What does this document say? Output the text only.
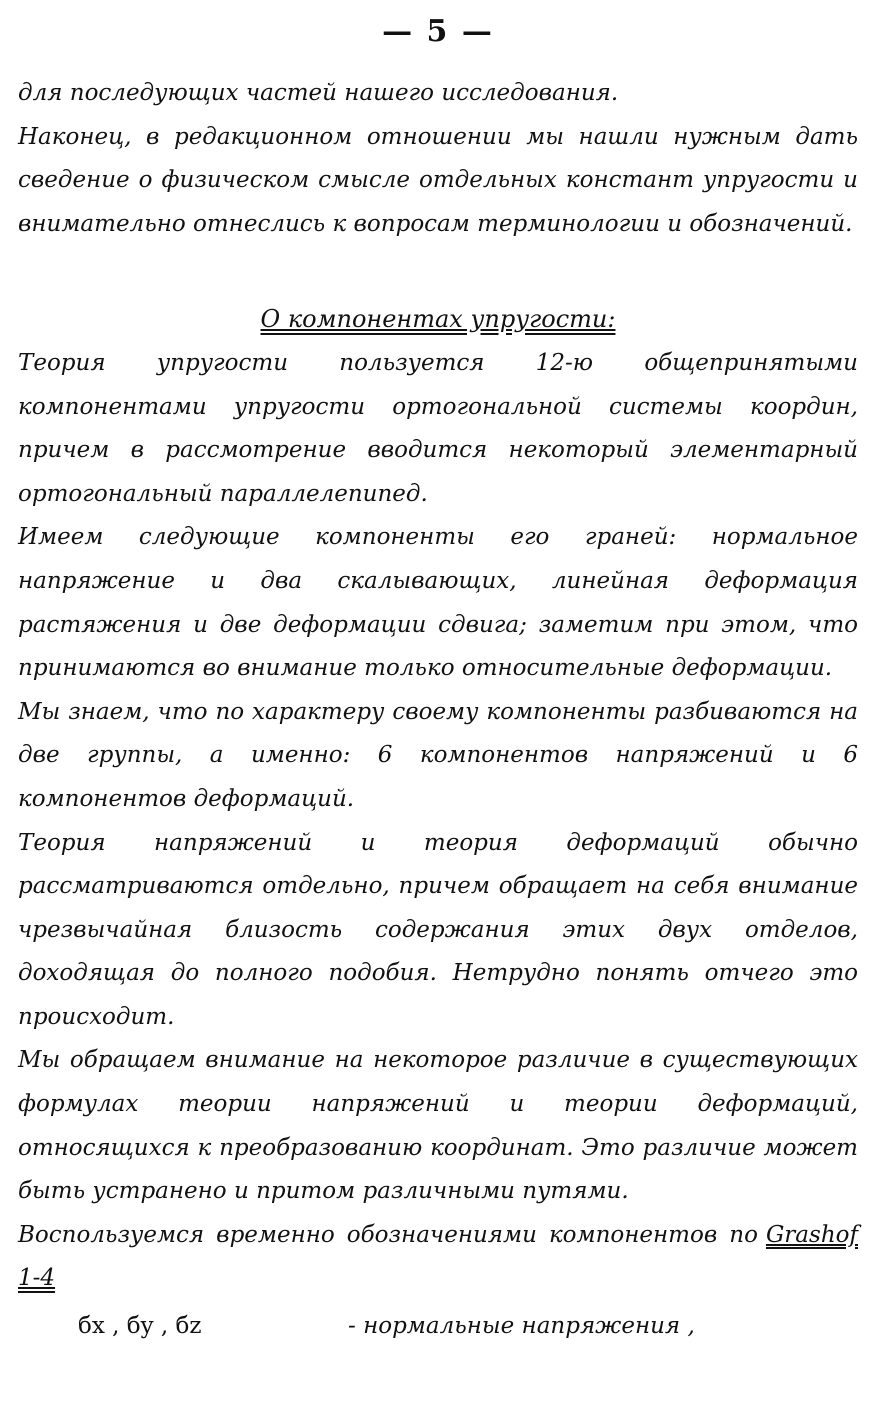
— 5 —

для последующих частей нашего исследования.

Наконец, в редакционном отношении мы нашли нужным дать сведение о физическом смысле отдельных констант упругости и внимательно отнеслись к вопросам терминологии и обозначений.

О компонентах упругости:

Теория упругости пользуется 12-ю общепринятыми компонентами упругости ортогональной системы координ, причем в рассмотрение вводится некоторый элементарный ортогональный параллелепипед.

Имеем следующие компоненты его граней: нормальное напряжение и два скалывающих, линейная деформация растяжения и две деформации сдвига; заметим при этом, что принимаются во внимание только относительные деформации.

Мы знаем, что по характеру своему компоненты разбиваются на две группы, а именно: 6 компонентов напряжений и 6 компонентов деформаций.

Теория напряжений и теория деформаций обычно рассматриваются отдельно, причем обращает на себя внимание чрезвычайная близость содержания этих двух отделов, доходящая до полного подобия. Нетрудно понять отчего это происходит.

Мы обращаем внимание на некоторое различие в существующих формулах теории напряжений и теории деформаций, относящихся к преобразованию координат. Это различие может быть устранено и притом различными путями.

Воспользуемся временно обозначениями компонентов по Grashof 1-4

бx , бy , бz	- нормальные напряжения ,
